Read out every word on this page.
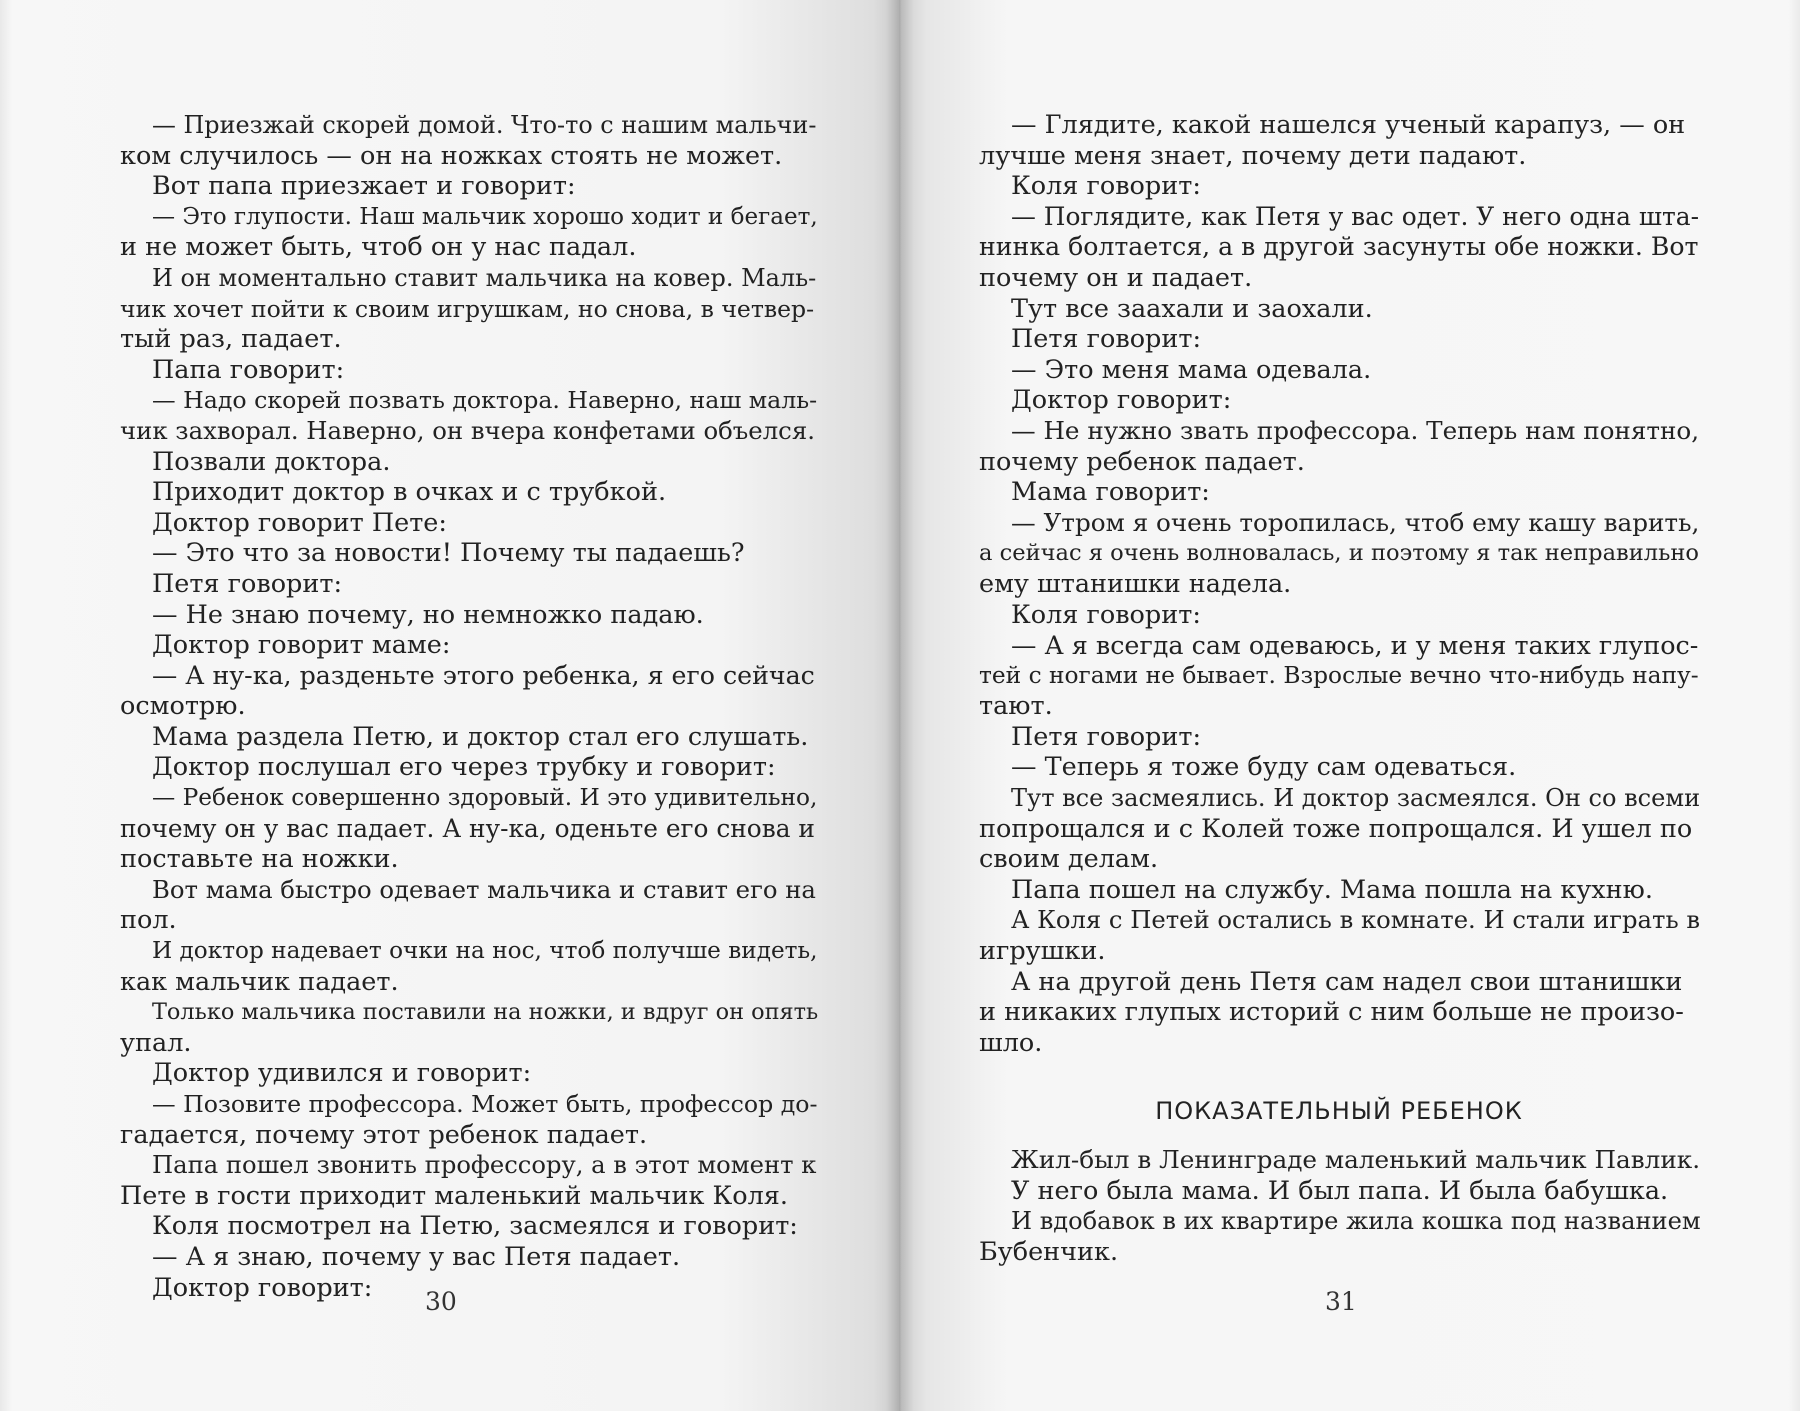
— Приезжай скорей домой. Что-то с нашим мальчи-
ком случилось — он на ножках стоять не может.
Вот папа приезжает и говорит:
— Это глупости. Наш мальчик хорошо ходит и бегает,
и не может быть, чтоб он у нас падал.
И он моментально ставит мальчика на ковер. Маль-
чик хочет пойти к своим игрушкам, но снова, в четвер-
тый раз, падает.
Папа говорит:
— Надо скорей позвать доктора. Наверно, наш маль-
чик захворал. Наверно, он вчера конфетами объелся.
Позвали доктора.
Приходит доктор в очках и с трубкой.
Доктор говорит Пете:
— Это что за новости! Почему ты падаешь?
Петя говорит:
— Не знаю почему, но немножко падаю.
Доктор говорит маме:
— А ну-ка, разденьте этого ребенка, я его сейчас
осмотрю.
Мама раздела Петю, и доктор стал его слушать.
Доктор послушал его через трубку и говорит:
— Ребенок совершенно здоровый. И это удивительно,
почему он у вас падает. А ну-ка, оденьте его снова и
поставьте на ножки.
Вот мама быстро одевает мальчика и ставит его на
пол.
И доктор надевает очки на нос, чтоб получше видеть,
как мальчик падает.
Только мальчика поставили на ножки, и вдруг он опять
упал.
Доктор удивился и говорит:
— Позовите профессора. Может быть, профессор до-
гадается, почему этот ребенок падает.
Папа пошел звонить профессору, а в этот момент к
Пете в гости приходит маленький мальчик Коля.
Коля посмотрел на Петю, засмеялся и говорит:
— А я знаю, почему у вас Петя падает.
Доктор говорит:	30
— Глядите, какой нашелся ученый карапуз, — он
лучше меня знает, почему дети падают.
Коля говорит:
— Поглядите, как Петя у вас одет. У него одна шта-
нинка болтается, а в другой засунуты обе ножки. Вот
почему он и падает.
Тут все заахали и заохали.
Петя говорит:
— Это меня мама одевала.
Доктор говорит:
— Не нужно звать профессора. Теперь нам понятно,
почему ребенок падает.
Мама говорит:
— Утром я очень торопилась, чтоб ему кашу варить,
а сейчас я очень волновалась, и поэтому я так неправильно
ему штанишки надела.
Коля говорит:
— А я всегда сам одеваюсь, и у меня таких глупос-
тей с ногами не бывает. Взрослые вечно что-нибудь напу-
тают.
Петя говорит:
— Теперь я тоже буду сам одеваться.
Тут все засмеялись. И доктор засмеялся. Он со всеми
попрощался и с Колей тоже попрощался. И ушел по
своим делам.
Папа пошел на службу. Мама пошла на кухню.
А Коля с Петей остались в комнате. И стали играть в
игрушки.
А на другой день Петя сам надел свои штанишки
и никаких глупых историй с ним больше не произо-
шло.
ПОКАЗАТЕЛЬНЫЙ РЕБЕНОК
Жил-был в Ленинграде маленький мальчик Павлик.
У него была мама. И был папа. И была бабушка.
И вдобавок в их квартире жила кошка под названием
Бубенчик.
31
